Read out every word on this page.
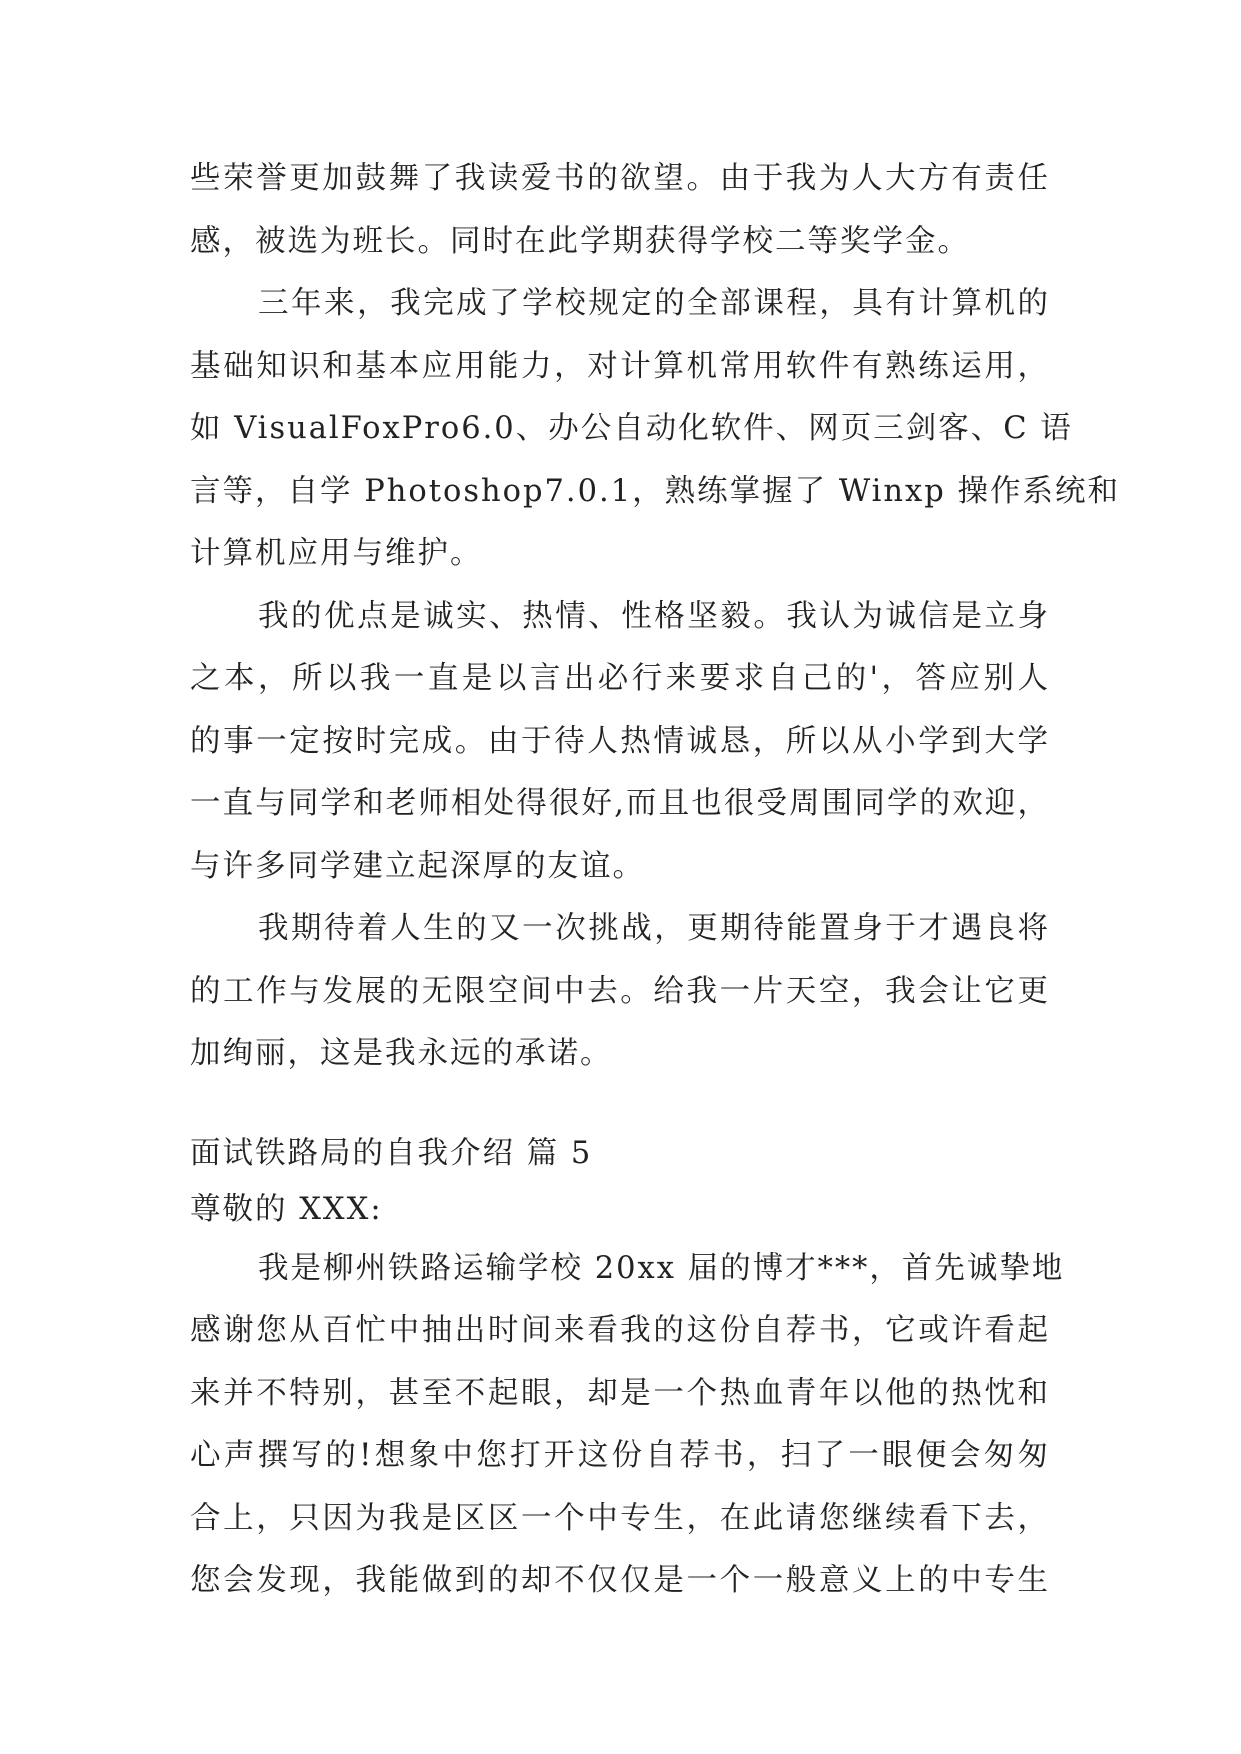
些荣誉更加鼓舞了我读爱书的欲望。由于我为人大方有责任
感，被选为班长。同时在此学期获得学校二等奖学金。
三年来，我完成了学校规定的全部课程，具有计算机的
基础知识和基本应用能力，对计算机常用软件有熟练运用，
如 VisualFoxPro6.0、办公自动化软件、网页三剑客、C 语
言等，自学 Photoshop7.0.1，熟练掌握了 Winxp 操作系统和
计算机应用与维护。
我的优点是诚实、热情、性格坚毅。我认为诚信是立身
之本，所以我一直是以言出必行来要求自己的'，答应别人
的事一定按时完成。由于待人热情诚恳，所以从小学到大学
一直与同学和老师相处得很好,而且也很受周围同学的欢迎，
与许多同学建立起深厚的友谊。
我期待着人生的又一次挑战，更期待能置身于才遇良将
的工作与发展的无限空间中去。给我一片天空，我会让它更
加绚丽，这是我永远的承诺。
面试铁路局的自我介绍 篇 5
尊敬的 XXX:
我是柳州铁路运输学校 20xx 届的博才***，首先诚挚地
感谢您从百忙中抽出时间来看我的这份自荐书，它或许看起
来并不特别，甚至不起眼，却是一个热血青年以他的热忱和
心声撰写的!想象中您打开这份自荐书，扫了一眼便会匆匆
合上，只因为我是区区一个中专生，在此请您继续看下去，
您会发现，我能做到的却不仅仅是一个一般意义上的中专生
